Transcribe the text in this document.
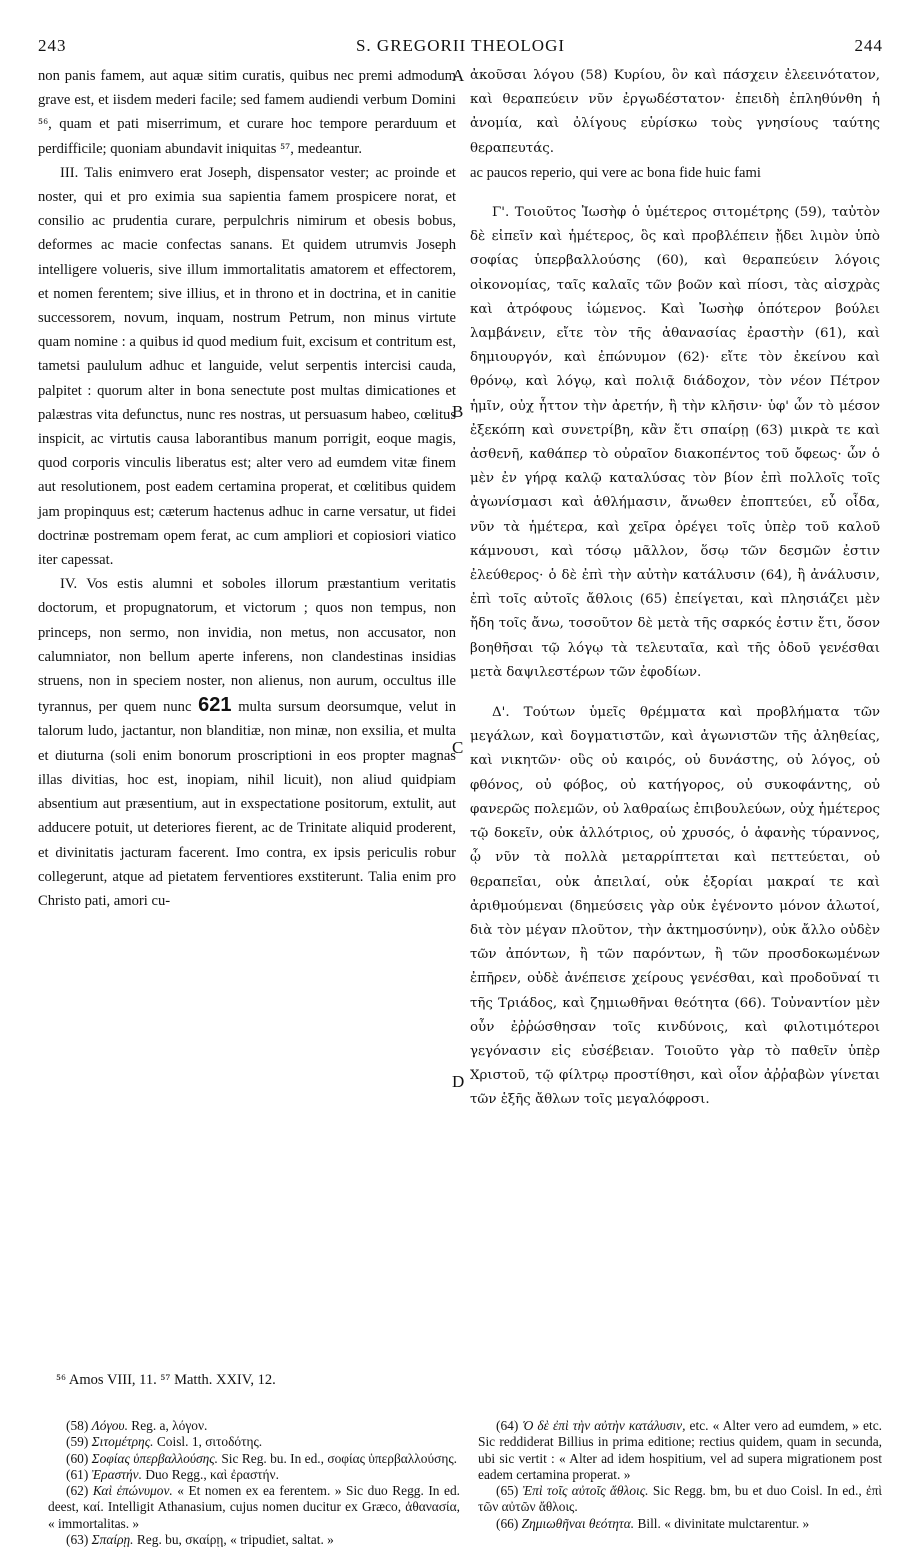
243	S. GREGORII THEOLOGI	244

non panis famem, aut aquæ sitim curatis, quibus nec premi admodum grave est, et iisdem mederi facile; sed famem audiendi verbum Domini ⁵⁶, quam et pati miserrimum, et curare hoc tempore perarduum et perdifficile; quoniam abundavit iniquitas ⁵⁷, medeantur.

III. Talis enimvero erat Joseph, dispensator vester; ac proinde et noster, qui et pro eximia sua sapientia famem prospicere norat, et consilio ac prudentia curare, perpulchris nimirum et obesis bobus, deformes ac macie confectas sanans. Et quidem utrumvis Joseph intelligere volueris, sive illum immortalitatis amatorem et effectorem, et nomen ferentem; sive illius, et in throno et in doctrina, et in canitie successorem, novum, inquam, nostrum Petrum, non minus virtute quam nomine : a quibus id quod medium fuit, excisum et contritum est, tametsi paululum adhuc et languide, velut serpentis intercisi cauda, palpitet : quorum alter in bona senectute post multas dimicationes et palæstras vita defunctus, nunc res nostras, ut persuasum habeo, cœlitus inspicit, ac virtutis causa laborantibus manum porrigit, eoque magis, quod corporis vinculis liberatus est; alter vero ad eumdem vitæ finem aut resolutionem, post eadem certamina properat, et cœlitibus quidem jam propinquus est; cæterum hactenus adhuc in carne versatur, ut fidei doctrinæ postremam opem ferat, ac cum ampliori et copiosiori viatico iter capessat.

IV. Vos estis alumni et soboles illorum præstantium veritatis doctorum, et propugnatorum, et victorum ; quos non tempus, non princeps, non sermo, non invidia, non metus, non accusator, non calumniator, non bellum aperte inferens, non clandestinas insidias struens, non in speciem noster, non alienus, non aurum, occultus ille tyrannus, per quem nunc 621 multa sursum deorsumque, velut in talorum ludo, jactantur, non blanditiæ, non minæ, non exsilia, et multa et diuturna (soli enim bonorum proscriptioni in eos propter magnas illas divitias, hoc est, inopiam, nihil licuit), non aliud quidpiam absentium aut præsentium, aut in exspectatione positorum, extulit, aut adducere potuit, ut deteriores fierent, ac de Trinitate aliquid proderent, et divinitatis jacturam facerent. Imo contra, ex ipsis periculis robur collegerunt, atque ad pietatem ferventiores exstiterunt. Talia enim pro Christo pati, amori cu-

A
B
C
D

ἀκοῦσαι λόγου (58) Κυρίου, ὃν καὶ πάσχειν ἐλεεινότατον, καὶ θεραπεύειν νῦν ἐργωδέστατον· ἐπειδὴ ἐπληθύνθη ἡ ἀνομία, καὶ ὀλίγους εὑρίσκω τοὺς γνησίους ταύτης θεραπευτάς.

ac paucos reperio, qui vere ac bona fide huic fami

Γ'. Τοιοῦτος Ἰωσὴφ ὁ ὑμέτερος σιτομέτρης (59), ταὐτὸν δὲ εἰπεῖν καὶ ἡμέτερος, ὃς καὶ προβλέπειν ᾔδει λιμὸν ὑπὸ σοφίας ὑπερβαλλούσης (60), καὶ θεραπεύειν λόγοις οἰκονομίας, ταῖς καλαῖς τῶν βοῶν καὶ πίοσι, τὰς αἰσχρὰς καὶ ἀτρόφους ἰώμενος. Καὶ Ἰωσὴφ ὁπότερον βούλει λαμβάνειν, εἴτε τὸν τῆς ἀθανασίας ἐραστὴν (61), καὶ δημιουργόν, καὶ ἐπώνυμον (62)· εἴτε τὸν ἐκείνου καὶ θρόνῳ, καὶ λόγῳ, καὶ πολιᾷ διάδοχον, τὸν νέον Πέτρον ἡμῖν, οὐχ ἧττον τὴν ἀρετήν, ἢ τὴν κλῆσιν· ὑφ' ὧν τὸ μέσον ἐξεκόπη καὶ συνετρίβη, κἂν ἔτι σπαίρῃ (63) μικρὰ τε καὶ ἀσθενῆ, καθάπερ τὸ οὐραῖον διακοπέντος τοῦ ὄφεως· ὧν ὁ μὲν ἐν γήρᾳ καλῷ καταλύσας τὸν βίον ἐπὶ πολλοῖς τοῖς ἀγωνίσμασι καὶ ἀθλήμασιν, ἄνωθεν ἐποπτεύει, εὖ οἶδα, νῦν τὰ ἡμέτερα, καὶ χεῖρα ὀρέγει τοῖς ὑπὲρ τοῦ καλοῦ κάμνουσι, καὶ τόσῳ μᾶλλον, ὅσῳ τῶν δεσμῶν ἐστιν ἐλεύθερος· ὁ δὲ ἐπὶ τὴν αὐτὴν κατάλυσιν (64), ἢ ἀνάλυσιν, ἐπὶ τοῖς αὐτοῖς ἄθλοις (65) ἐπείγεται, καὶ πλησιάζει μὲν ἤδη τοῖς ἄνω, τοσοῦτον δὲ μετὰ τῆς σαρκός ἐστιν ἔτι, ὅσον βοηθῆσαι τῷ λόγῳ τὰ τελευταῖα, καὶ τῆς ὁδοῦ γενέσθαι μετὰ δαψιλεστέρων τῶν ἐφοδίων.

Δ'. Τούτων ὑμεῖς θρέμματα καὶ προβλήματα τῶν μεγάλων, καὶ δογματιστῶν, καὶ ἀγωνιστῶν τῆς ἀληθείας, καὶ νικητῶν· οὓς οὐ καιρός, οὐ δυνάστης, οὐ λόγος, οὐ φθόνος, οὐ φόβος, οὐ κατήγορος, οὐ συκοφάντης, οὐ φανερῶς πολεμῶν, οὐ λαθραίως ἐπιβουλεύων, οὐχ ἡμέτερος τῷ δοκεῖν, οὐκ ἀλλότριος, οὐ χρυσός, ὁ ἀφανὴς τύραννος, ᾧ νῦν τὰ πολλὰ μεταρρίπτεται καὶ πεττεύεται, οὐ θεραπεῖαι, οὐκ ἀπειλαί, οὐκ ἐξορίαι μακραί τε καὶ ἀριθμούμεναι (δημεύσεις γὰρ οὐκ ἐγένοντο μόνον ἁλωτοί, διὰ τὸν μέγαν πλοῦτον, τὴν ἀκτημοσύνην), οὐκ ἄλλο οὐδὲν τῶν ἀπόντων, ἢ τῶν παρόντων, ἢ τῶν προσδοκωμένων ἐπῆρεν, οὐδὲ ἀνέπεισε χείρους γενέσθαι, καὶ προδοῦναί τι τῆς Τριάδος, καὶ ζημιωθῆναι θεότητα (66). Τοὐναντίον μὲν οὖν ἐῤῥώσθησαν τοῖς κινδύνοις, καὶ φιλοτιμότεροι γεγόνασιν εἰς εὐσέβειαν. Τοιοῦτο γὰρ τὸ παθεῖν ὑπὲρ Χριστοῦ, τῷ φίλτρῳ προστίθησι, καὶ οἷον ἀῤῥαβὼν γίνεται τῶν ἑξῆς ἄθλων τοῖς μεγαλόφροσι.

⁵⁶ Amos VIII, 11. ⁵⁷ Matth. XXIV, 12.

(58) Λόγου. Reg. a, λόγον.

(59) Σιτομέτρης. Coisl. 1, σιτοδότης.

(60) Σοφίας ὑπερβαλλούσης. Sic Reg. bu. In ed., σοφίας ὑπερβαλλούσης.

(61) Ἐραστήν. Duo Regg., καὶ ἐραστήν.

(62) Καὶ ἐπώνυμον. « Et nomen ex ea ferentem. » Sic duo Regg. In ed. deest, καί. Intelligit Athanasium, cujus nomen ducitur ex Græco, ἀθανασία, « immortalitas. »

(63) Σπαίρῃ. Reg. bu, σκαίρῃ, « tripudiet, saltat. »

(64) Ὁ δὲ ἐπὶ τὴν αὐτὴν κατάλυσιν, etc. « Alter vero ad eumdem, » etc. Sic reddiderat Billius in prima editione; rectius quidem, quam in secunda, ubi sic vertit : « Alter ad idem hospitium, vel ad supera migrationem post eadem certamina properat. »

(65) Ἐπὶ τοῖς αὐτοῖς ἄθλοις. Sic Regg. bm, bu et duo Coisl. In ed., ἐπὶ τῶν αὐτῶν ἄθλοις.

(66) Ζημιωθῆναι θεότητα. Bill. « divinitate mulctarentur. »
